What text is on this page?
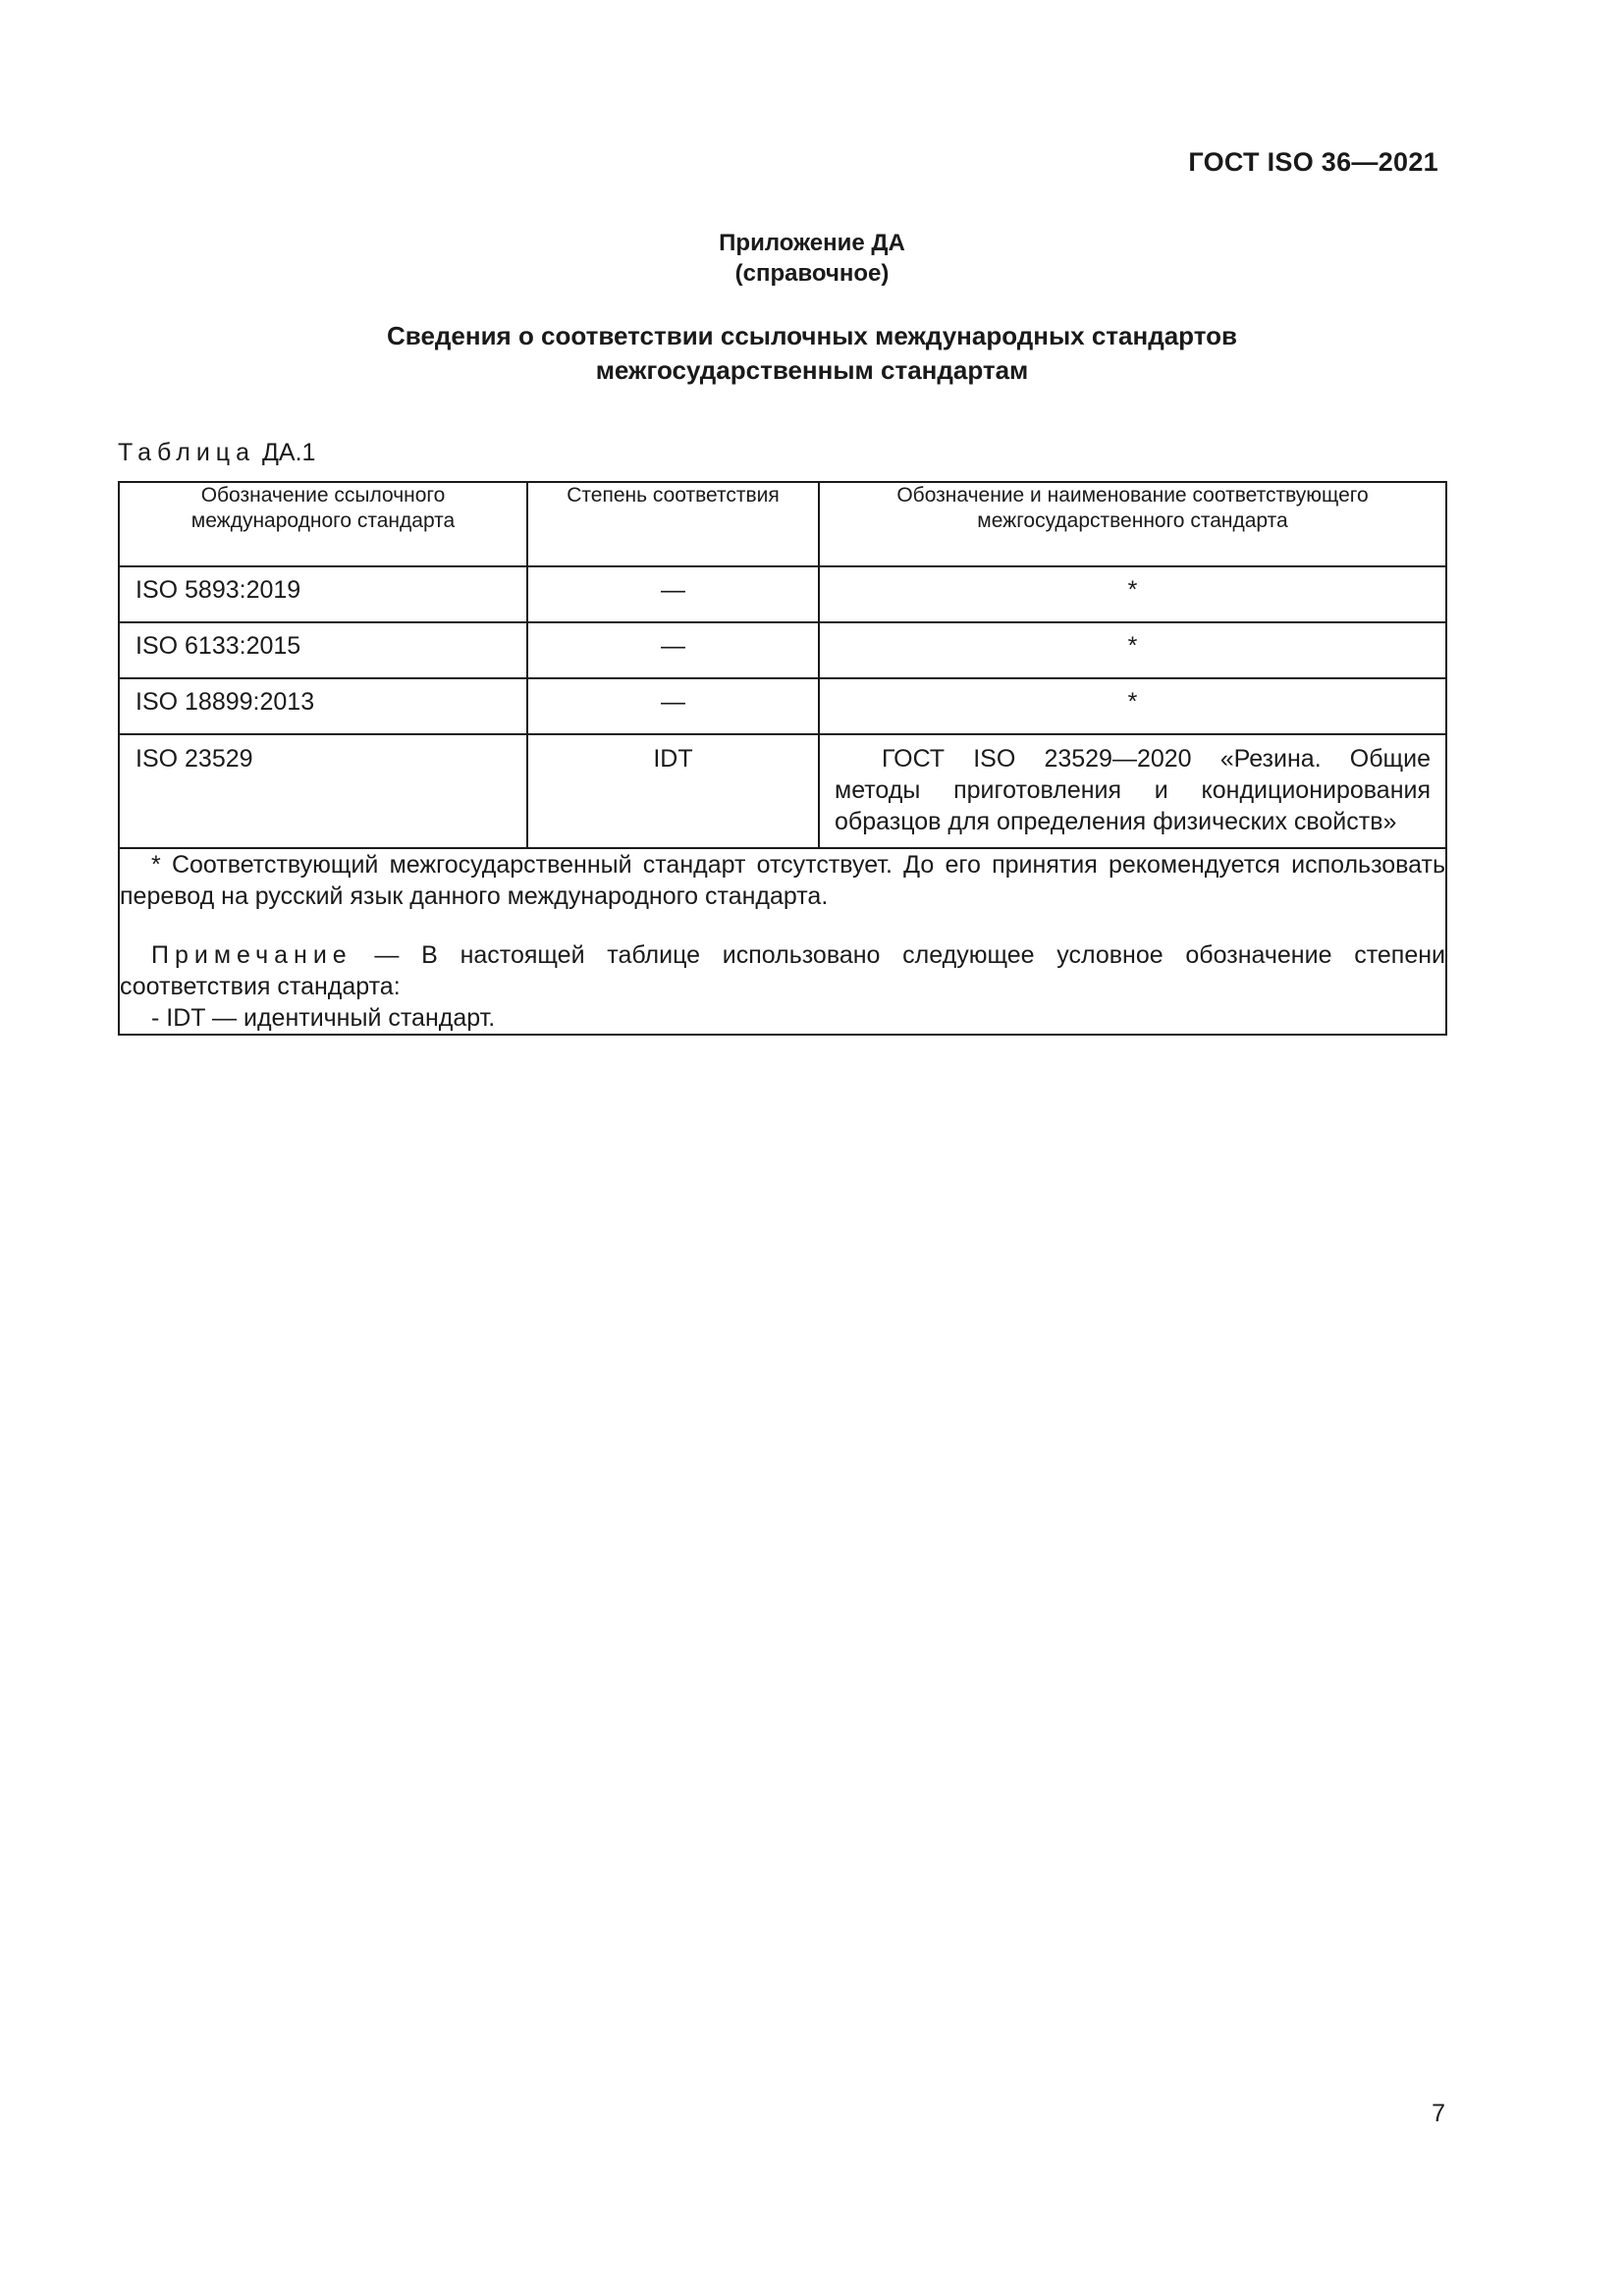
ГОСТ ISO 36—2021
Приложение ДА
(справочное)
Сведения о соответствии ссылочных международных стандартов
межгосударственным стандартам
Таблица ДА.1
Обозначение ссылочного международного стандарта	Степень соответствия	Обозначение и наименование соответствующего межгосударственного стандарта
ISO 5893:2019	—	*
ISO 6133:2015	—	*
ISO 18899:2013	—	*
ISO 23529	IDT	ГОСТ ISO 23529—2020 «Резина. Общие методы приготовления и кондиционирования образцов для определения физических свойств»

* Соответствующий межгосударственный стандарт отсутствует. До его принятия рекомендуется использовать перевод на русский язык данного международного стандарта.

Примечание — В настоящей таблице использовано следующее условное обозначение степени соответствия стандарта:

- IDT — идентичный стандарт.		

7
